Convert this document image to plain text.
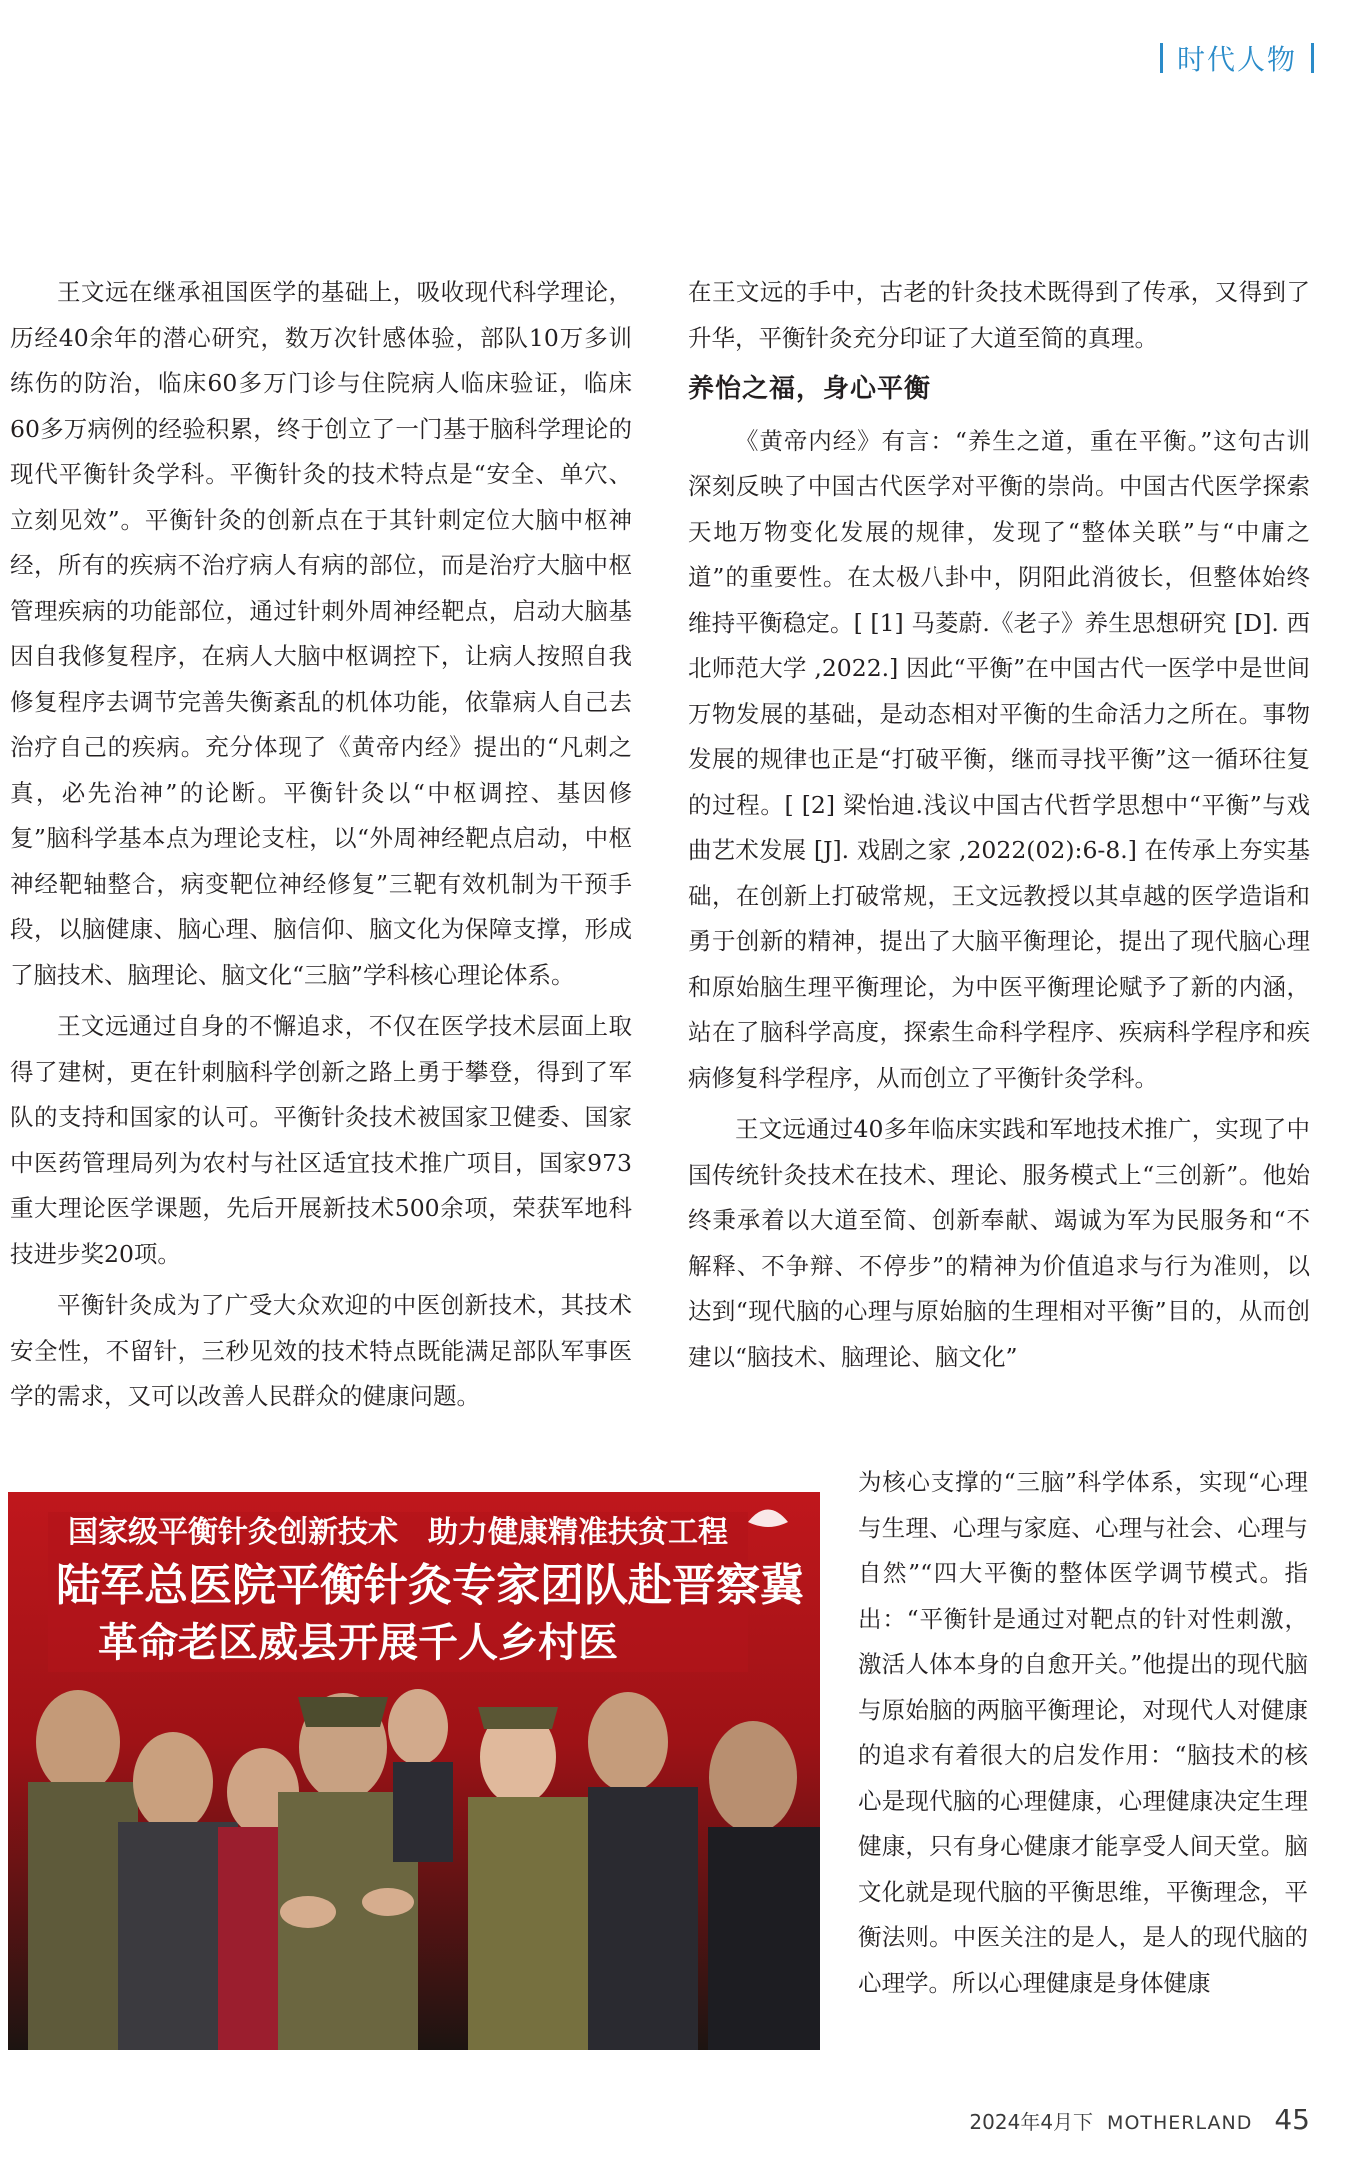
时代人物

王文远在继承祖国医学的基础上，吸收现代科学理论，历经40余年的潜心研究，数万次针感体验，部队10万多训练伤的防治，临床60多万门诊与住院病人临床验证，临床60多万病例的经验积累，终于创立了一门基于脑科学理论的现代平衡针灸学科。平衡针灸的技术特点是“安全、单穴、立刻见效”。平衡针灸的创新点在于其针刺定位大脑中枢神经，所有的疾病不治疗病人有病的部位，而是治疗大脑中枢管理疾病的功能部位，通过针刺外周神经靶点，启动大脑基因自我修复程序，在病人大脑中枢调控下，让病人按照自我修复程序去调节完善失衡紊乱的机体功能，依靠病人自己去治疗自己的疾病。充分体现了《黄帝内经》提出的“凡刺之真，必先治神”的论断。平衡针灸以“中枢调控、基因修复”脑科学基本点为理论支柱，以“外周神经靶点启动，中枢神经靶轴整合，病变靶位神经修复”三靶有效机制为干预手段，以脑健康、脑心理、脑信仰、脑文化为保障支撑，形成了脑技术、脑理论、脑文化“三脑”学科核心理论体系。

王文远通过自身的不懈追求，不仅在医学技术层面上取得了建树，更在针刺脑科学创新之路上勇于攀登，得到了军队的支持和国家的认可。平衡针灸技术被国家卫健委、国家中医药管理局列为农村与社区适宜技术推广项目，国家973重大理论医学课题，先后开展新技术500余项，荣获军地科技进步奖20项。

平衡针灸成为了广受大众欢迎的中医创新技术，其技术安全性，不留针，三秒见效的技术特点既能满足部队军事医学的需求，又可以改善人民群众的健康问题。

在王文远的手中，古老的针灸技术既得到了传承，又得到了升华，平衡针灸充分印证了大道至简的真理。

养怡之福，身心平衡

《黄帝内经》有言：“养生之道，重在平衡。”这句古训深刻反映了中国古代医学对平衡的崇尚。中国古代医学探索天地万物变化发展的规律，发现了“整体关联”与“中庸之道”的重要性。在太极八卦中，阴阳此消彼长，但整体始终维持平衡稳定。[ [1] 马菱蔚.《老子》养生思想研究 [D]. 西北师范大学 ,2022.] 因此“平衡”在中国古代一医学中是世间万物发展的基础，是动态相对平衡的生命活力之所在。事物发展的规律也正是“打破平衡，继而寻找平衡”这一循环往复的过程。[ [2] 梁怡迪.浅议中国古代哲学思想中“平衡”与戏曲艺术发展 [J]. 戏剧之家 ,2022(02):6-8.] 在传承上夯实基础，在创新上打破常规，王文远教授以其卓越的医学造诣和勇于创新的精神，提出了大脑平衡理论，提出了现代脑心理和原始脑生理平衡理论，为中医平衡理论赋予了新的内涵，站在了脑科学高度，探索生命科学程序、疾病科学程序和疾病修复科学程序，从而创立了平衡针灸学科。

王文远通过40多年临床实践和军地技术推广，实现了中国传统针灸技术在技术、理论、服务模式上“三创新”。他始终秉承着以大道至简、创新奉献、竭诚为军为民服务和“不解释、不争辩、不停步”的精神为价值追求与行为准则，以达到“现代脑的心理与原始脑的生理相对平衡”目的，从而创建以“脑技术、脑理论、脑文化”

为核心支撑的“三脑”科学体系，实现“心理与生理、心理与家庭、心理与社会、心理与自然”“四大平衡的整体医学调节模式。指出：“平衡针是通过对靶点的针对性刺激，激活人体本身的自愈开关。”他提出的现代脑与原始脑的两脑平衡理论，对现代人对健康的追求有着很大的启发作用：“脑技术的核心是现代脑的心理健康，心理健康决定生理健康，只有身心健康才能享受人间天堂。脑文化就是现代脑的平衡思维，平衡理念，平衡法则。中医关注的是人，是人的现代脑的心理学。所以心理健康是身体健康

国家级平衡针灸创新技术　助力健康精准扶贫工程
陆军总医院平衡针灸专家团队赴晋察冀
革命老区威县开展千人乡村医
2024年4月下 MOTHERLAND 45
